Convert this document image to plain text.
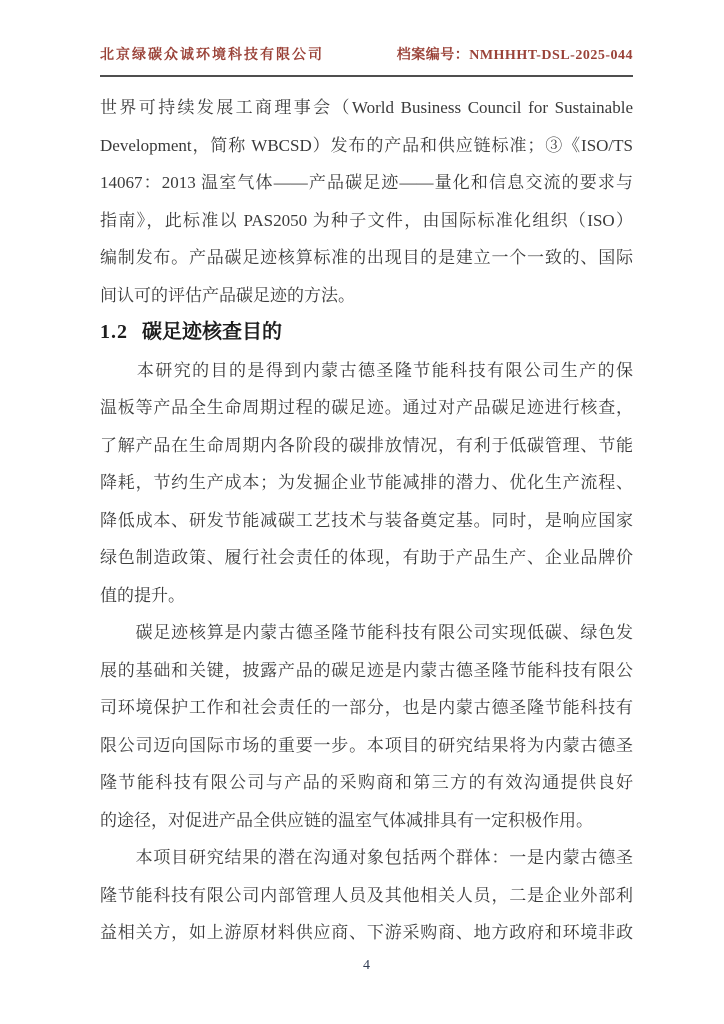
北京绿碳众诚环境科技有限公司	档案编号：NMHHHT-DSL-2025-044
世界可持续发展工商理事会（World Business Council for Sustainable
Development，简称 WBCSD）发布的产品和供应链标准；③《ISO/TS
14067：2013 温室气体——产品碳足迹——量化和信息交流的要求与
指南》，此标准以 PAS2050 为种子文件，由国际标准化组织（ISO）
编制发布。产品碳足迹核算标准的出现目的是建立一个一致的、国际
间认可的评估产品碳足迹的方法。
1.2 碳足迹核查目的
　　本研究的目的是得到内蒙古德圣隆节能科技有限公司生产的保
温板等产品全生命周期过程的碳足迹。通过对产品碳足迹进行核查，
了解产品在生命周期内各阶段的碳排放情况，有利于低碳管理、节能
降耗，节约生产成本；为发掘企业节能减排的潜力、优化生产流程、
降低成本、研发节能减碳工艺技术与装备奠定基。同时，是响应国家
绿色制造政策、履行社会责任的体现，有助于产品生产、企业品牌价
值的提升。
　　碳足迹核算是内蒙古德圣隆节能科技有限公司实现低碳、绿色发
展的基础和关键，披露产品的碳足迹是内蒙古德圣隆节能科技有限公
司环境保护工作和社会责任的一部分，也是内蒙古德圣隆节能科技有
限公司迈向国际市场的重要一步。本项目的研究结果将为内蒙古德圣
隆节能科技有限公司与产品的采购商和第三方的有效沟通提供良好
的途径，对促进产品全供应链的温室气体减排具有一定积极作用。
　　本项目研究结果的潜在沟通对象包括两个群体：一是内蒙古德圣
隆节能科技有限公司内部管理人员及其他相关人员，二是企业外部利
益相关方，如上游原材料供应商、下游采购商、地方政府和环境非政
4
